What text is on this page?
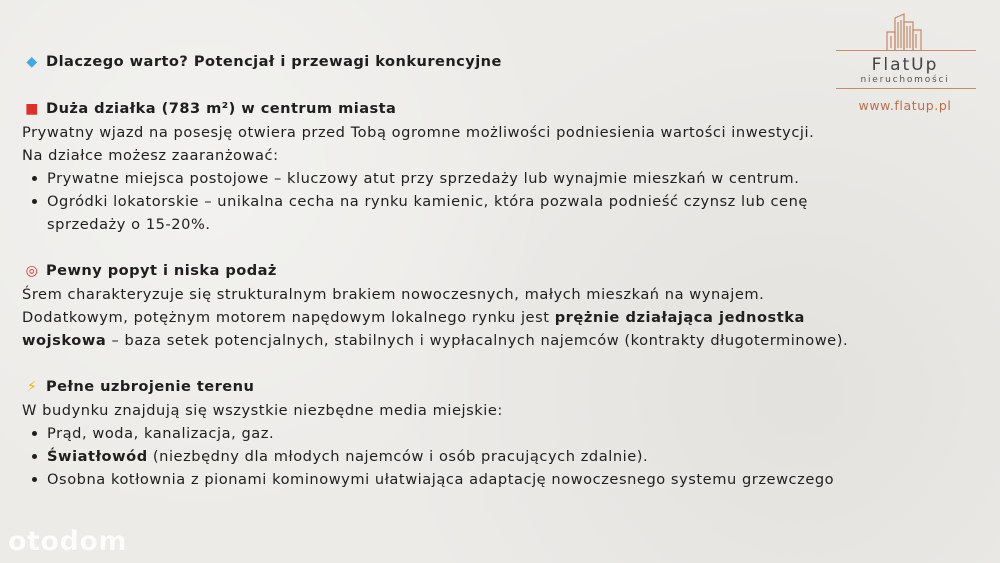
◆ Dlaczego warto? Potencjał i przewagi konkurencyjne
■ Duża działka (783 m²) w centrum miasta
Prywatny wjazd na posesję otwiera przed Tobą ogromne możliwości podniesienia wartości inwestycji.
Na działce możesz zaaranżować:
Prywatne miejsca postojowe – kluczowy atut przy sprzedaży lub wynajmie mieszkań w centrum.
Ogródki lokatorskie – unikalna cecha na rynku kamienic, która pozwala podnieść czynsz lub cenę
sprzedaży o 15-20%.
◎ Pewny popyt i niska podaż
Śrem charakteryzuje się strukturalnym brakiem nowoczesnych, małych mieszkań na wynajem.
Dodatkowym, potężnym motorem napędowym lokalnego rynku jest prężnie działająca jednostka
wojskowa – baza setek potencjalnych, stabilnych i wypłacalnych najemców (kontrakty długoterminowe).
⚡ Pełne uzbrojenie terenu
W budynku znajdują się wszystkie niezbędne media miejskie:
Prąd, woda, kanalizacja, gaz.
Światłowód (niezbędny dla młodych najemców i osób pracujących zdalnie).
Osobna kotłownia z pionami kominowymi ułatwiająca adaptację nowoczesnego systemu grzewczego
FlatUp
nieruchomości
www.flatup.pl
otodom
